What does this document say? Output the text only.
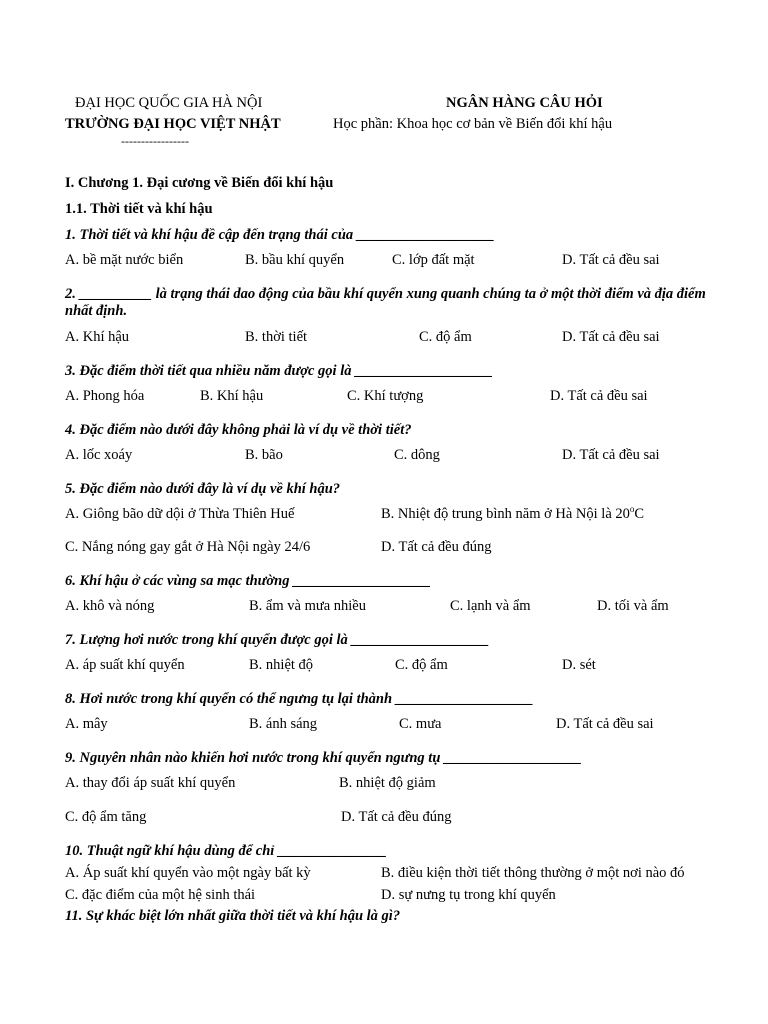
ĐẠI HỌC QUỐC GIA HÀ NỘI
TRƯỜNG ĐẠI HỌC VIỆT NHẬT
-----------------
NGÂN HÀNG CÂU HỎI
Học phần: Khoa học cơ bản về Biến đổi khí hậu
I. Chương 1. Đại cương về Biến đổi khí hậu
1.1. Thời tiết và khí hậu
1. Thời tiết và khí hậu đề cập đến trạng thái của ___________________
A. bề mặt nước biển	B. bầu khí quyển	C. lớp đất mặt	D. Tất cả đều sai
2. __________ là trạng thái dao động của bầu khí quyển xung quanh chúng ta ở một thời điểm và địa điểm nhất định.
A. Khí hậu	B. thời tiết	C. độ ẩm	D. Tất cả đều sai
3. Đặc điểm thời tiết qua nhiều năm được gọi là ___________________
A. Phong hóa	B. Khí hậu	C. Khí tượng	D. Tất cả đều sai
4. Đặc điểm nào dưới đây không phải là ví dụ về thời tiết?
A. lốc xoáy	B. bão	C. dông	D. Tất cả đều sai
5. Đặc điểm nào dưới đây là ví dụ về khí hậu?
A. Giông bão dữ dội ở Thừa Thiên Huế	B. Nhiệt độ trung bình năm ở Hà Nội là 20$^o$C
C. Nắng nóng gay gắt ở Hà Nội ngày 24/6	D. Tất cả đều đúng
6. Khí hậu ở các vùng sa mạc thường ___________________
A. khô và nóng	B. ẩm và mưa nhiều	C. lạnh và ẩm	D. tối và ẩm
7. Lượng hơi nước trong khí quyển được gọi là ___________________
A. áp suất khí quyển	B. nhiệt độ	C. độ ẩm	D. sét
8. Hơi nước trong khí quyển có thể ngưng tụ lại thành ___________________
A. mây	B. ánh sáng	C. mưa	D. Tất cả đều sai
9. Nguyên nhân nào khiến hơi nước trong khí quyển ngưng tụ ___________________
A. thay đổi áp suất khí quyển	B. nhiệt độ giảm
C. độ ẩm tăng	D. Tất cả đều đúng
10. Thuật ngữ khí hậu dùng để chỉ _______________
A. Áp suất khí quyển vào một ngày bất kỳ	B. điều kiện thời tiết thông thường ở một nơi nào đó
C. đặc điểm của một hệ sinh thái	D. sự nưng tụ trong khí quyển
11. Sự khác biệt lớn nhất giữa thời tiết và khí hậu là gì?
